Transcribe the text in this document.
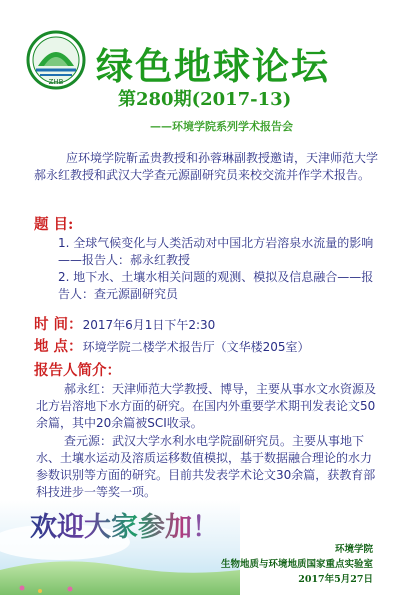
ZHB 绿色地球论坛
第280期(2017-13)
——环境学院系列学术报告会
应环境学院靳孟贵教授和孙蓉琳副教授邀请，天津师范大学郝永红教授和武汉大学查元源副研究员来校交流并作学术报告。
题 目:

1. 全球气候变化与人类活动对中国北方岩溶泉水流量的影响——报告人：郝永红教授

2. 地下水、土壤水相关问题的观测、模拟及信息融合——报告人：查元源副研究员

时 间： 2017年6月1日下午2:30
地 点： 环境学院二楼学术报告厅（文华楼205室）
报告人简介：
郝永红：天津师范大学教授、博导，主要从事水文水资源及北方岩溶地下水方面的研究。在国内外重要学术期刊发表论文50余篇，其中20余篇被SCI收录。
查元源：武汉大学水利水电学院副研究员。主要从事地下水、土壤水运动及溶质运移数值模拟，基于数据融合理论的水力参数识别等方面的研究。目前共发表学术论文30余篇，获教育部科技进步一等奖一项。
欢迎大家参加！
环境学院
生物地质与环境地质国家重点实验室
2017年5月27日
